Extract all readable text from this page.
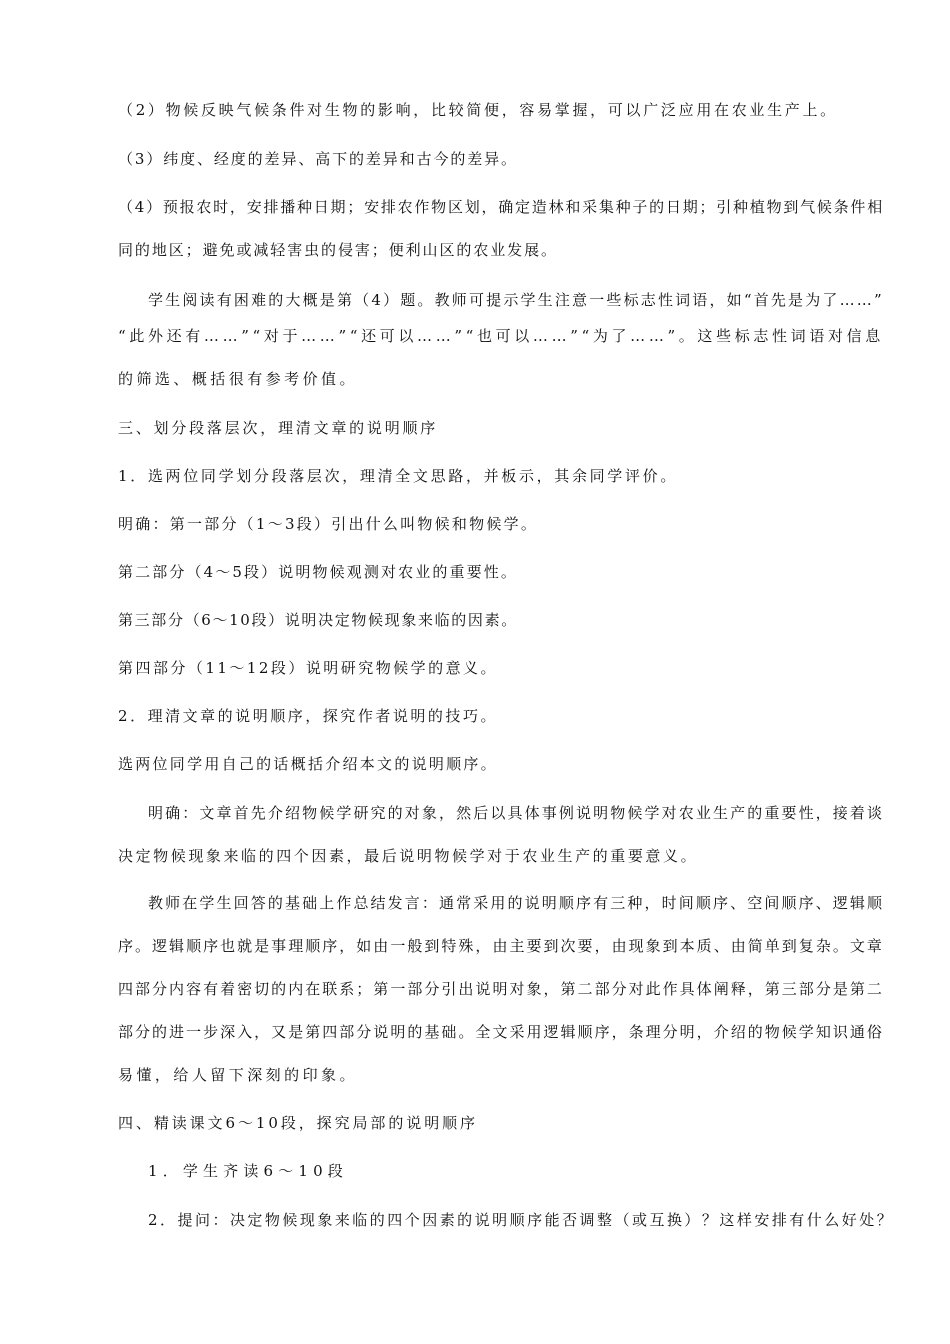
（2）物候反映气候条件对生物的影响，比较简便，容易掌握，可以广泛应用在农业生产上。

（3）纬度、经度的差异、高下的差异和古今的差异。

（4）预报农时，安排播种日期；安排农作物区划，确定造林和采集种子的日期；引种植物到气候条件相

同的地区；避免或减轻害虫的侵害；便利山区的农业发展。

学生阅读有困难的大概是第（4）题。教师可提示学生注意一些标志性词语，如“首先是为了……”

“此外还有……”“对于……”“还可以……”“也可以……”“为了……”。这些标志性词语对信息

的筛选、概括很有参考价值。

三、划分段落层次，理清文章的说明顺序

1．选两位同学划分段落层次，理清全文思路，并板示，其余同学评价。

明确：第一部分（1～3段）引出什么叫物候和物候学。

第二部分（4～5段）说明物候观测对农业的重要性。

第三部分（6～10段）说明决定物候现象来临的因素。

第四部分（11～12段）说明研究物候学的意义。

2．理清文章的说明顺序，探究作者说明的技巧。

选两位同学用自己的话概括介绍本文的说明顺序。

明确：文章首先介绍物候学研究的对象，然后以具体事例说明物候学对农业生产的重要性，接着谈

决定物候现象来临的四个因素，最后说明物候学对于农业生产的重要意义。

教师在学生回答的基础上作总结发言：通常采用的说明顺序有三种，时间顺序、空间顺序、逻辑顺

序。逻辑顺序也就是事理顺序，如由一般到特殊，由主要到次要，由现象到本质、由简单到复杂。文章

四部分内容有着密切的内在联系；第一部分引出说明对象，第二部分对此作具体阐释，第三部分是第二

部分的进一步深入，又是第四部分说明的基础。全文采用逻辑顺序，条理分明，介绍的物候学知识通俗

易懂，给人留下深刻的印象。

四、精读课文6～10段，探究局部的说明顺序

1．学生齐读6～10段

2．提问：决定物候现象来临的四个因素的说明顺序能否调整（或互换）？这样安排有什么好处？
